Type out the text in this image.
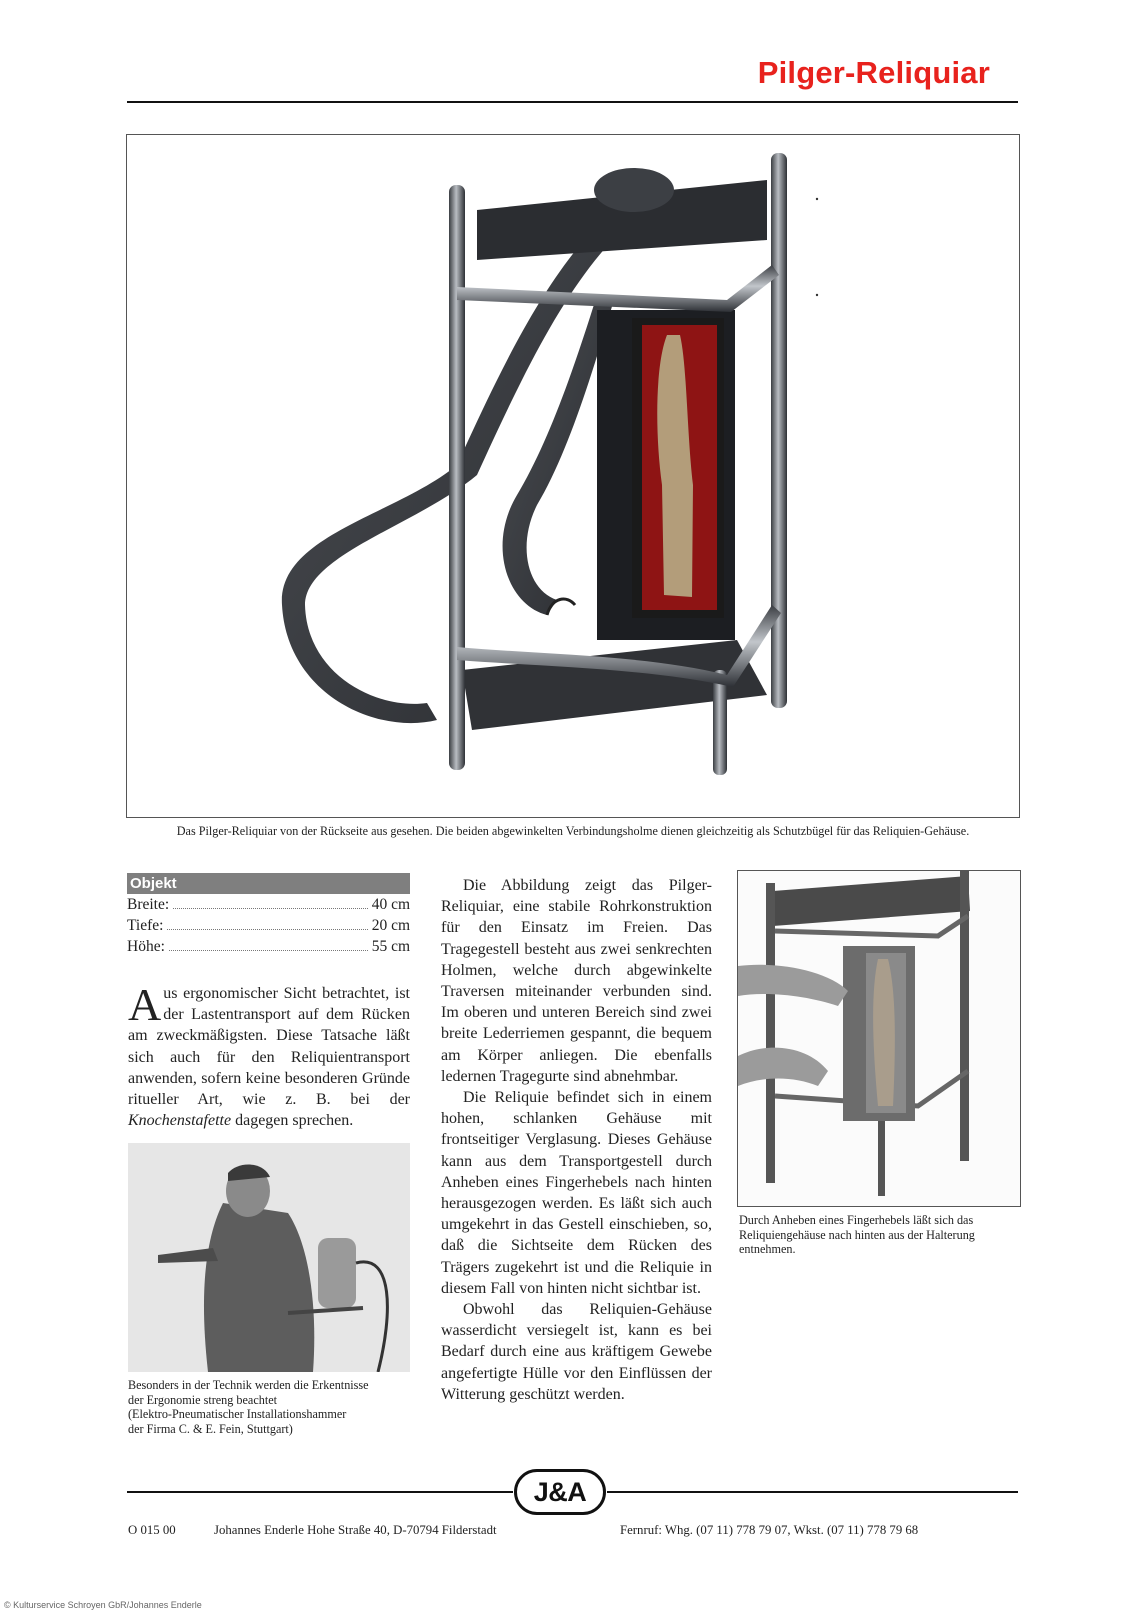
Pilger-Reliquiar
Das Pilger-Reliquiar von der Rückseite aus gesehen. Die beiden abgewinkelten Verbindungsholme dienen gleichzeitig als Schutzbügel für das Reliquien-Gehäuse.
Objekt
Breite:	40 cm
Tiefe:	20 cm
Höhe:	55 cm
Aus ergonomischer Sicht betrachtet, ist der Lastentransport auf dem Rücken am zweckmäßigsten. Diese Tatsache läßt sich auch für den Reliquientransport anwenden, sofern keine besonderen Gründe ritueller Art, wie z. B. bei der Knochenstafette dagegen sprechen.
Besonders in der Technik werden die Erkentnisse
der Ergonomie streng beachtet
(Elektro-Pneumatischer Installationshammer
der Firma C. & E. Fein, Stuttgart)

Die Abbildung zeigt das Pilger-Reliquiar, eine stabile Rohrkonstruktion für den Einsatz im Freien. Das Tragegestell besteht aus zwei senkrechten Holmen, welche durch abgewinkelte Traversen miteinander verbunden sind. Im oberen und unteren Bereich sind zwei breite Lederriemen gespannt, die bequem am Körper anliegen. Die ebenfalls ledernen Tragegurte sind abnehmbar.

Die Reliquie befindet sich in einem hohen, schlanken Gehäuse mit frontseitiger Verglasung. Dieses Gehäuse kann aus dem Transportgestell durch Anheben eines Fingerhebels nach hinten herausgezogen werden. Es läßt sich auch umgekehrt in das Gestell einschieben, so, daß die Sichtseite dem Rücken des Trägers zugekehrt ist und die Reliquie in diesem Fall von hinten nicht sichtbar ist.

Obwohl das Reliquien-Gehäuse wasserdicht versiegelt ist, kann es bei Bedarf durch eine aus kräftigem Gewebe angefertigte Hülle vor den Einflüssen der Witterung geschützt werden.

Durch Anheben eines Fingerhebels läßt sich das
Reliquiengehäuse nach hinten aus der Halterung
entnehmen.
J&A
O 015 00	Johannes Enderle Hohe Straße 40, D-70794 Filderstadt	Fernruf: Whg. (07 11) 778 79 07, Wkst. (07 11) 778 79 68
© Kulturservice Schroyen GbR/Johannes Enderle
